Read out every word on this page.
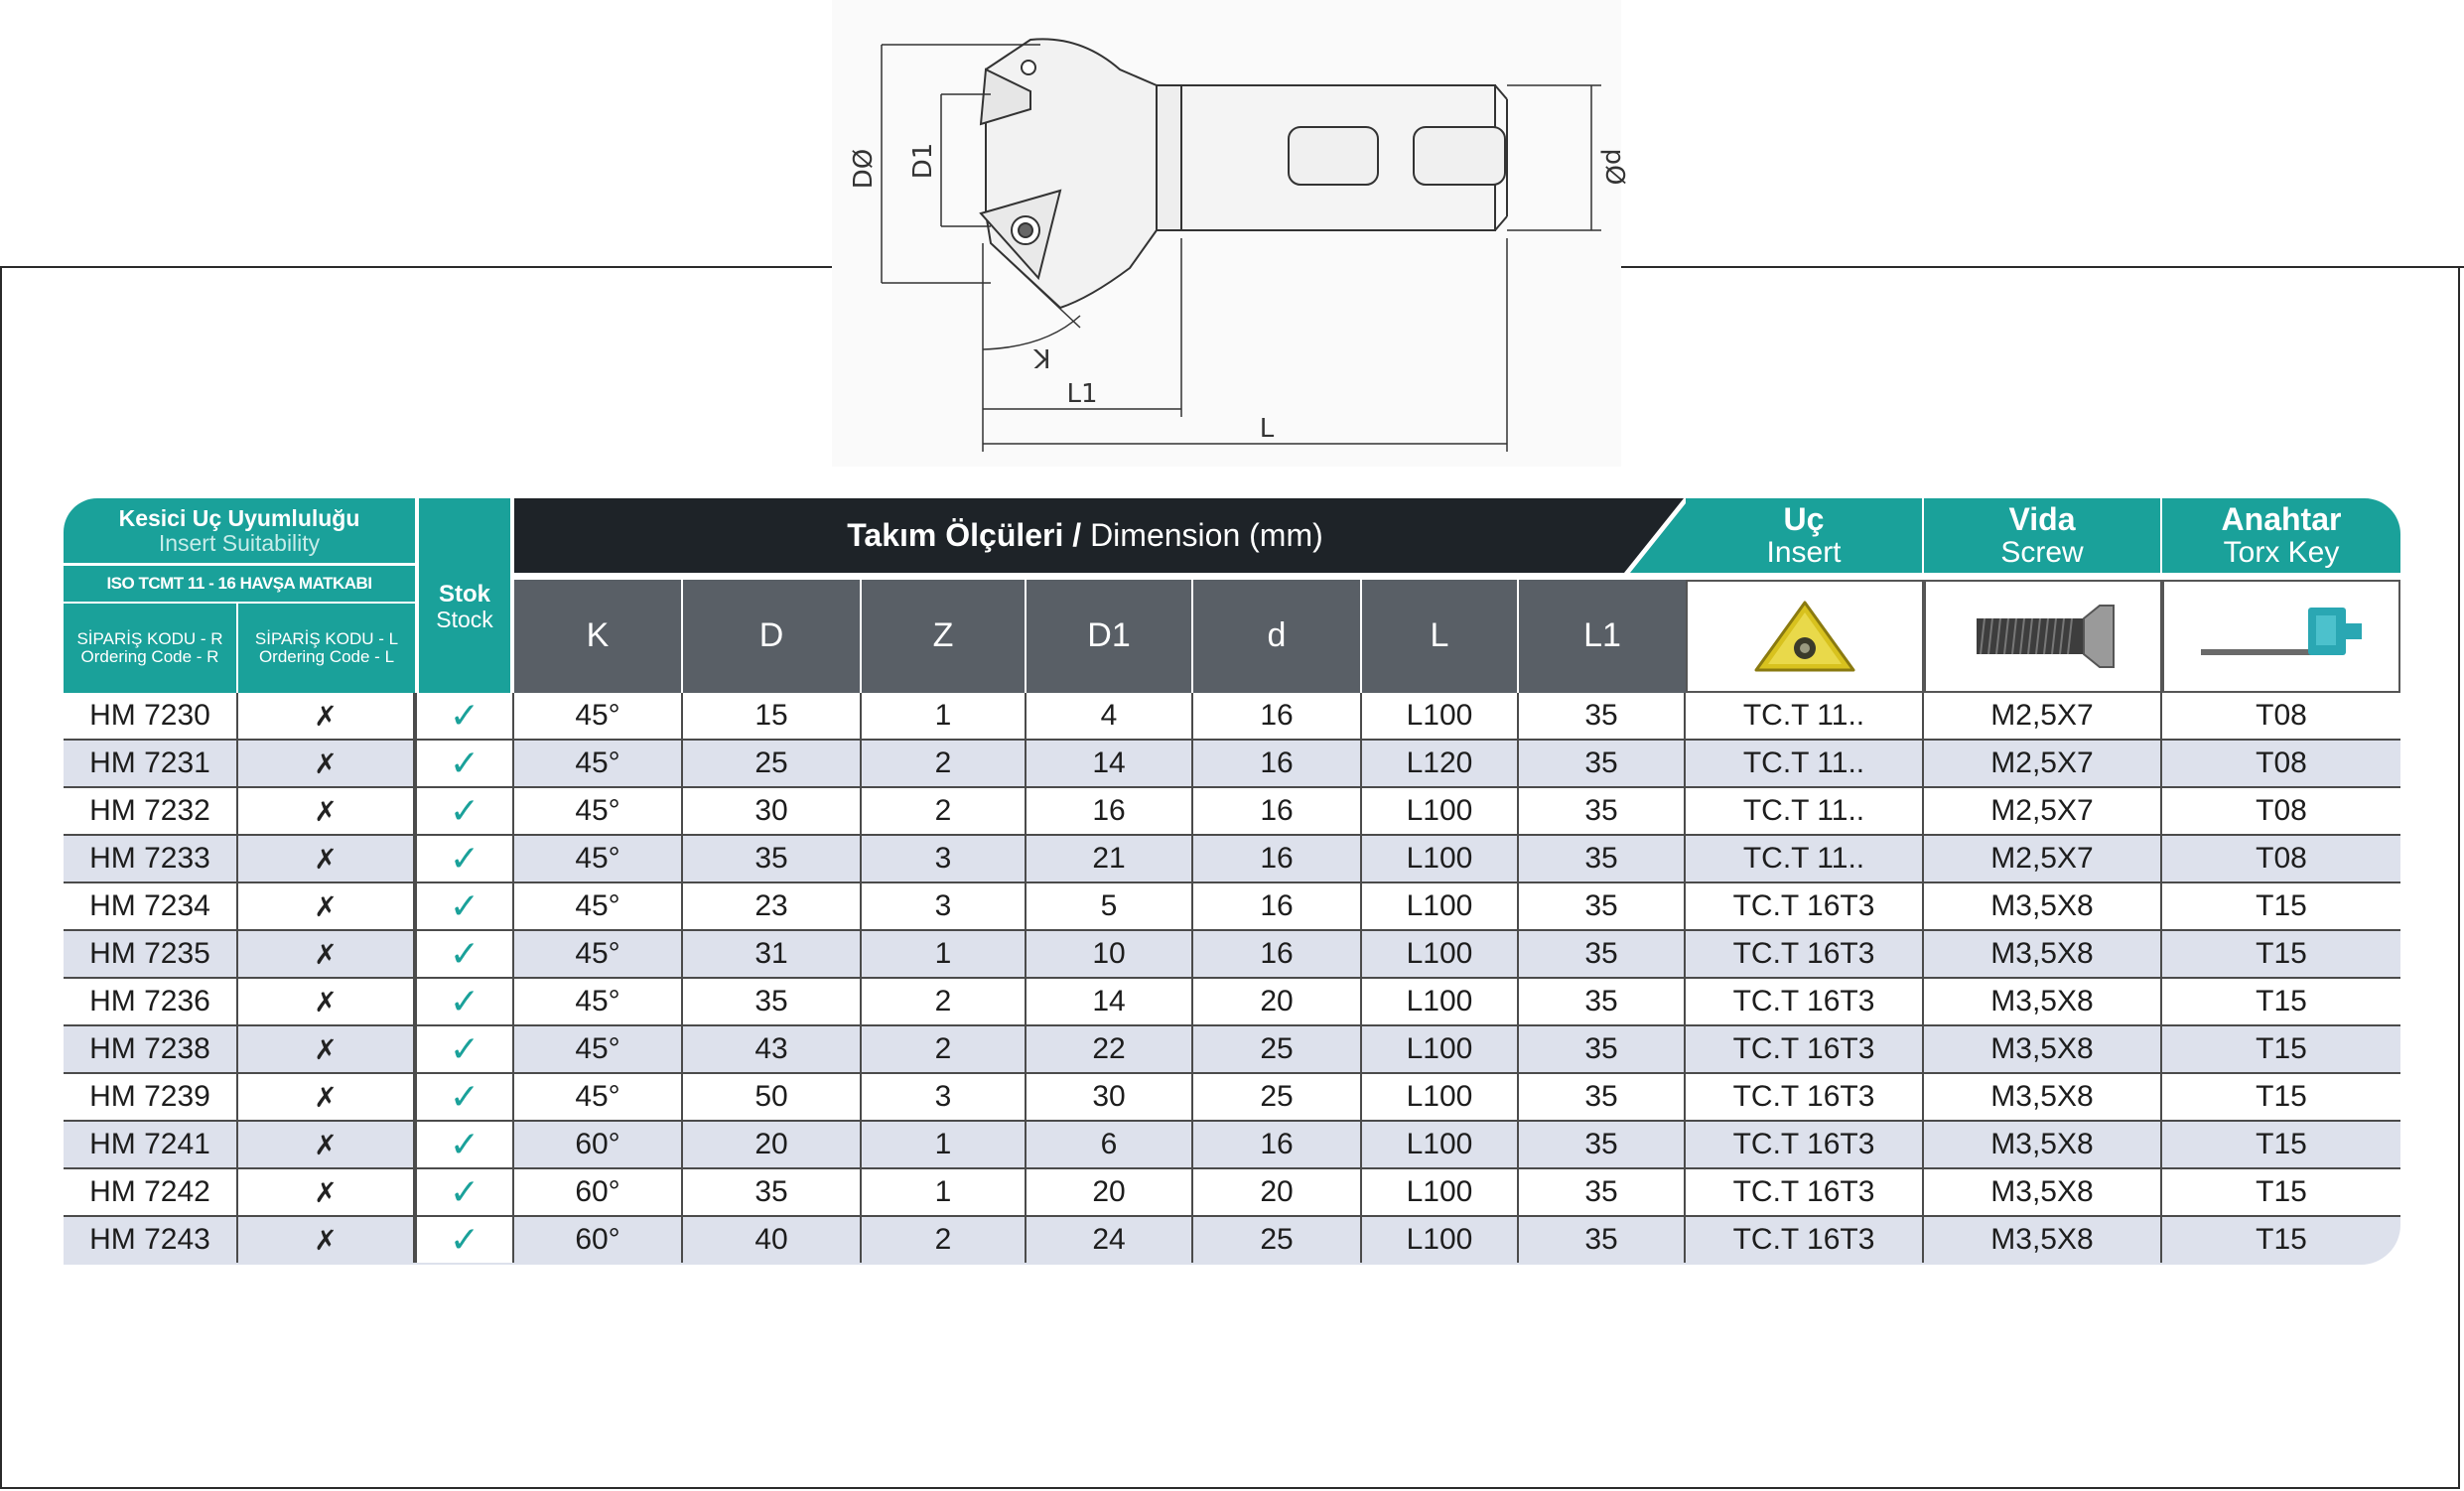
DØ D1	pØ
K
L1
L
Kesici Uç Uyumluluğu
Insert Suitability
ISO TCMT 11 - 16 HAVŞA MATKABI
SİPARİŞ KODU - R
Ordering Code - R
SİPARİŞ KODU - L
Ordering Code - L
Stok
Stock
Takım Ölçüleri /
Dimension (mm)	Uç
Insert
Vida
Screw
Anahtar
Torx Key
K	D	Z	D1	d	L	L1
HM 7230	✗	✓	45°	15	1	4	16	L100	35	TC.T 11..	M2,5X7	T08
HM 7231	✗	✓	45°	25	2	14	16	L120	35	TC.T 11..	M2,5X7	T08
HM 7232	✗	✓	45°	30	2	16	16	L100	35	TC.T 11..	M2,5X7	T08
HM 7233	✗	✓	45°	35	3	21	16	L100	35	TC.T 11..	M2,5X7	T08
HM 7234	✗	✓	45°	23	3	5	16	L100	35	TC.T 16T3	M3,5X8	T15
HM 7235	✗	✓	45°	31	1	10	16	L100	35	TC.T 16T3	M3,5X8	T15
HM 7236	✗	✓	45°	35	2	14	20	L100	35	TC.T 16T3	M3,5X8	T15
HM 7238	✗	✓	45°	43	2	22	25	L100	35	TC.T 16T3	M3,5X8	T15
HM 7239	✗	✓	45°	50	3	30	25	L100	35	TC.T 16T3	M3,5X8	T15
HM 7241	✗	✓	60°	20	1	6	16	L100	35	TC.T 16T3	M3,5X8	T15
HM 7242	✗	✓	60°	35	1	20	20	L100	35	TC.T 16T3	M3,5X8	T15
HM 7243	✗	✓	60°	40	2	24	25	L100	35	TC.T 16T3	M3,5X8	T15
